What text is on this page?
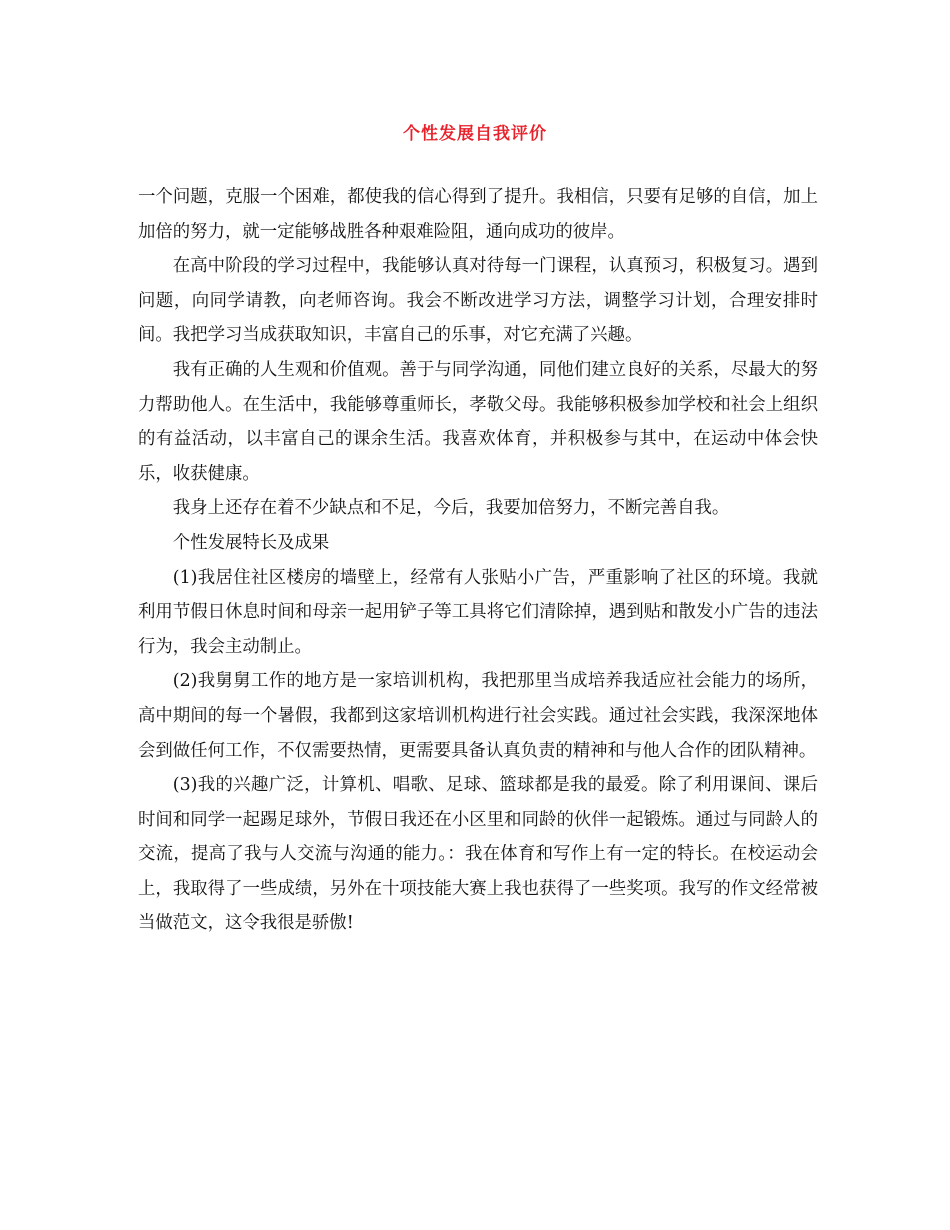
个性发展自我评价

一个问题，克服一个困难，都使我的信心得到了提升。我相信，只要有足够的自信，加上加倍的努力，就一定能够战胜各种艰难险阻，通向成功的彼岸。

在高中阶段的学习过程中，我能够认真对待每一门课程，认真预习，积极复习。遇到问题，向同学请教，向老师咨询。我会不断改进学习方法，调整学习计划，合理安排时间。我把学习当成获取知识，丰富自己的乐事，对它充满了兴趣。

我有正确的人生观和价值观。善于与同学沟通，同他们建立良好的关系，尽最大的努力帮助他人。在生活中，我能够尊重师长，孝敬父母。我能够积极参加学校和社会上组织的有益活动，以丰富自己的课余生活。我喜欢体育，并积极参与其中，在运动中体会快乐，收获健康。

我身上还存在着不少缺点和不足，今后，我要加倍努力，不断完善自我。

个性发展特长及成果

(1)我居住社区楼房的墙壁上，经常有人张贴小广告，严重影响了社区的环境。我就利用节假日休息时间和母亲一起用铲子等工具将它们清除掉，遇到贴和散发小广告的违法行为，我会主动制止。

(2)我舅舅工作的地方是一家培训机构，我把那里当成培养我适应社会能力的场所，高中期间的每一个暑假，我都到这家培训机构进行社会实践。通过社会实践，我深深地体会到做任何工作，不仅需要热情，更需要具备认真负责的精神和与他人合作的团队精神。

(3)我的兴趣广泛，计算机、唱歌、足球、篮球都是我的最爱。除了利用课间、课后时间和同学一起踢足球外，节假日我还在小区里和同龄的伙伴一起锻炼。通过与同龄人的交流，提高了我与人交流与沟通的能力。：我在体育和写作上有一定的特长。在校运动会上，我取得了一些成绩，另外在十项技能大赛上我也获得了一些奖项。我写的作文经常被当做范文，这令我很是骄傲!
